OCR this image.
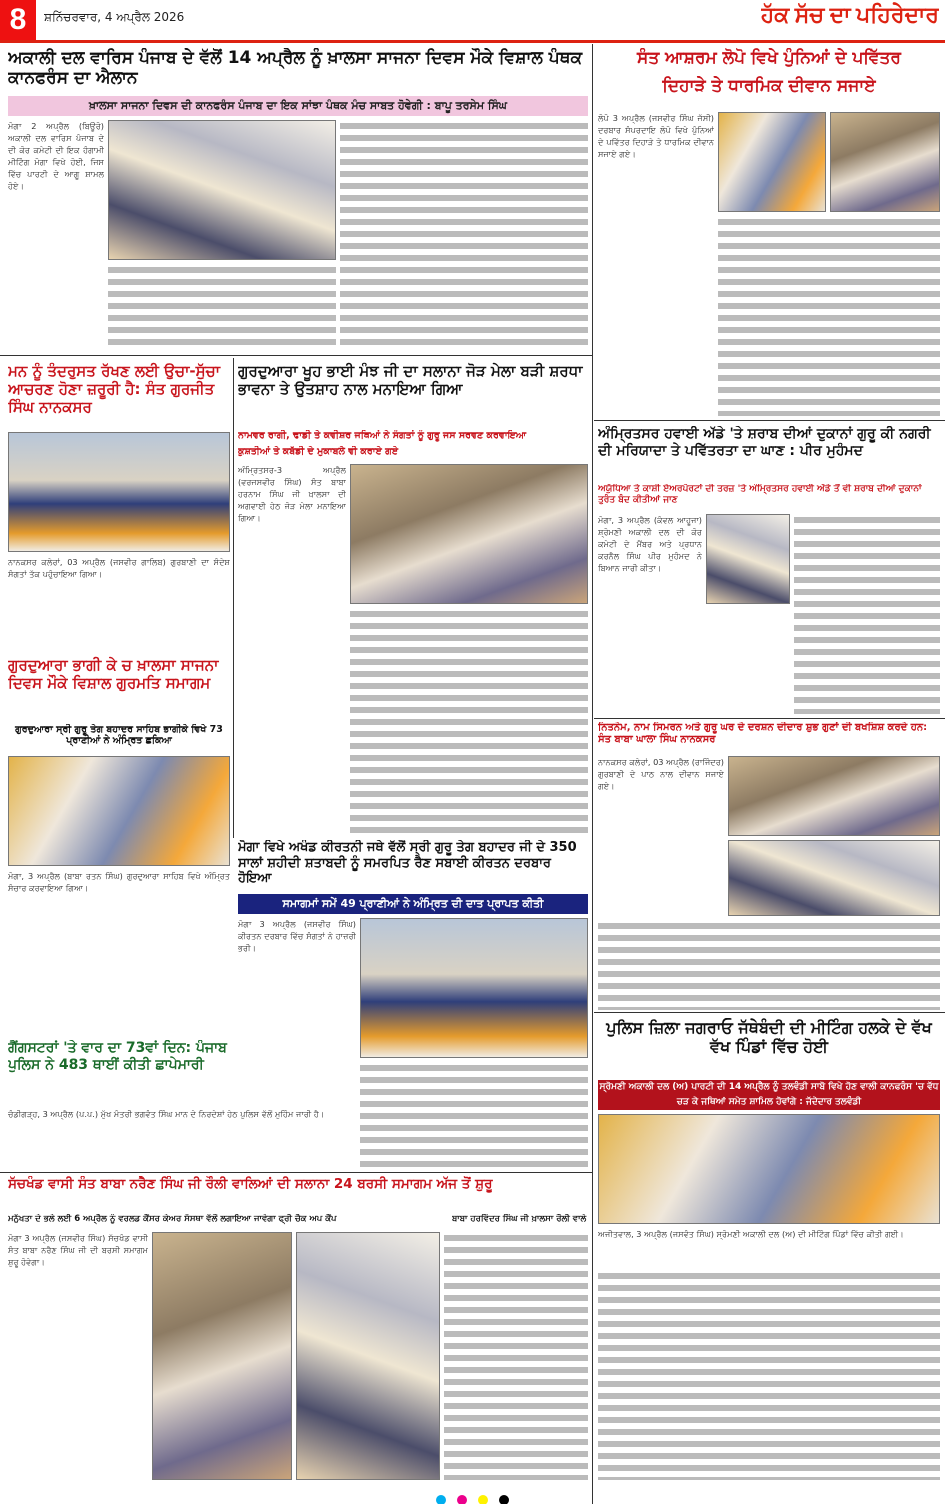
8	ਸ਼ਨਿੱਚਰਵਾਰ, 4 ਅਪ੍ਰੈਲ 2026	ਹੱਕ ਸੱਚ ਦਾ ਪਹਿਰੇਦਾਰ
ਅਕਾਲੀ ਦਲ ਵਾਰਿਸ ਪੰਜਾਬ ਦੇ ਵੱਲੋਂ 14 ਅਪ੍ਰੈਲ ਨੂੰ ਖ਼ਾਲਸਾ ਸਾਜਨਾ ਦਿਵਸ ਮੌਕੇ ਵਿਸ਼ਾਲ ਪੰਥਕ ਕਾਨਫਰੰਸ ਦਾ ਐਲਾਨ
ਖ਼ਾਲਸਾ ਸਾਜਨਾ ਦਿਵਸ ਦੀ ਕਾਨਫਰੰਸ ਪੰਜਾਬ ਦਾ ਇਕ ਸਾਂਝਾ ਪੰਥਕ ਮੰਚ ਸਾਬਤ ਹੋਵੇਗੀ : ਬਾਪੂ ਤਰਸੇਮ ਸਿੰਘ

ਮੋਗਾ 2 ਅਪ੍ਰੈਲ (ਬਿਊਰੋ) ਅਕਾਲੀ ਦਲ ਵਾਰਿਸ ਪੰਜਾਬ ਦੇ ਦੀ ਕੋਰ ਕਮੇਟੀ ਦੀ ਇਕ ਹੰਗਾਮੀ ਮੀਟਿੰਗ ਮੋਗਾ ਵਿਖੇ ਹੋਈ, ਜਿਸ ਵਿੱਚ ਪਾਰਟੀ ਦੇ ਆਗੂ ਸ਼ਾਮਲ ਹੋਏ।

ਸੰਤ ਆਸ਼ਰਮ ਲੋਪੋ ਵਿਖੇ ਪੁੰਨਿਆਂ ਦੇ ਪਵਿੱਤਰ
ਦਿਹਾੜੇ ਤੇ ਧਾਰਮਿਕ ਦੀਵਾਨ ਸਜਾਏ

ਲੋਪੋ 3 ਅਪ੍ਰੈਲ (ਜਸਵੀਰ ਸਿੰਘ ਜੱਸੀ) ਦਰਬਾਰ ਸੰਪਰਦਾਇ ਲੋਪੋ ਵਿਖੇ ਪੁੰਨਿਆਂ ਦੇ ਪਵਿੱਤਰ ਦਿਹਾੜੇ ਤੇ ਧਾਰਮਿਕ ਦੀਵਾਨ ਸਜਾਏ ਗਏ।

ਮਨ ਨੂੰ ਤੰਦਰੁਸਤ ਰੱਖਣ ਲਈ ਉਚਾ-ਸੁੱਚਾ ਆਚਰਣ ਹੋਣਾ ਜ਼ਰੂਰੀ ਹੈ: ਸੰਤ ਗੁਰਜੀਤ ਸਿੰਘ ਨਾਨਕਸਰ

ਨਾਨਕਸਰ ਕਲੇਰਾਂ, 03 ਅਪ੍ਰੈਲ (ਜਸਵੀਰ ਗਾਲਿਬ) ਗੁਰਬਾਣੀ ਦਾ ਸੰਦੇਸ਼ ਸੰਗਤਾਂ ਤੱਕ ਪਹੁੰਚਾਇਆ ਗਿਆ।

ਗੁਰਦੁਆਰਾ ਖੂਹ ਭਾਈ ਮੰਝ ਜੀ ਦਾ ਸਲਾਨਾ ਜੋੜ ਮੇਲਾ ਬੜੀ ਸ਼ਰਧਾ ਭਾਵਨਾ ਤੇ ਉਤਸ਼ਾਹ ਨਾਲ ਮਨਾਇਆ ਗਿਆ
ਨਾਮਵਰ ਰਾਗੀ, ਢਾਡੀ ਤੇ ਕਵੀਸ਼ਰ ਜਥਿਆਂ ਨੇ ਸੰਗਤਾਂ ਨੂੰ ਗੁਰੂ ਜਸ ਸਰਵਣ ਕਰਵਾਇਆ
ਕੁਸ਼ਤੀਆਂ ਤੇ ਕਬੱਡੀ ਦੇ ਮੁਕਾਬਲੇ ਵੀ ਕਰਾਏ ਗਏ

ਅੰਮ੍ਰਿਤਸਰ-3 ਅਪ੍ਰੈਲ (ਵਰਜਸਵੀਰ ਸਿੰਘ) ਸੰਤ ਬਾਬਾ ਹਰਨਾਮ ਸਿੰਘ ਜੀ ਖ਼ਾਲਸਾ ਦੀ ਅਗਵਾਈ ਹੇਠ ਜੋੜ ਮੇਲਾ ਮਨਾਇਆ ਗਿਆ।

ਅੰਮ੍ਰਿਤਸਰ ਹਵਾਈ ਅੱਡੇ 'ਤੇ ਸ਼ਰਾਬ ਦੀਆਂ ਦੁਕਾਨਾਂ ਗੁਰੂ ਕੀ ਨਗਰੀ ਦੀ ਮਰਿਯਾਦਾ ਤੇ ਪਵਿੱਤਰਤਾ ਦਾ ਘਾਣ : ਪੀਰ ਮੁਹੰਮਦ
ਅਯੁੱਧਿਆ ਤੇ ਕਾਸ਼ੀ ਏਅਰਪੋਰਟਾਂ ਦੀ ਤਰਜ਼ 'ਤੇ ਅੰਮ੍ਰਿਤਸਰ ਹਵਾਈ ਅੱਡੇ ਤੋਂ ਵੀ ਸ਼ਰਾਬ ਦੀਆਂ ਦੁਕਾਨਾਂ ਤੁਰੰਤ ਬੰਦ ਕੀਤੀਆਂ ਜਾਣ

ਮੋਗਾ, 3 ਅਪ੍ਰੈਲ (ਕੰਵਲ ਆਹੂਜਾ) ਸ਼੍ਰੋਮਣੀ ਅਕਾਲੀ ਦਲ ਦੀ ਕੋਰ ਕਮੇਟੀ ਦੇ ਮੈਂਬਰ ਅਤੇ ਪ੍ਰਧਾਨ ਕਰਨੈਲ ਸਿੰਘ ਪੀਰ ਮੁਹੰਮਦ ਨੇ ਬਿਆਨ ਜਾਰੀ ਕੀਤਾ।

ਗੁਰਦੁਆਰਾ ਭਾਗੀ ਕੇ ਚ ਖ਼ਾਲਸਾ ਸਾਜਨਾ ਦਿਵਸ ਮੌਕੇ ਵਿਸ਼ਾਲ ਗੁਰਮਤਿ ਸਮਾਗਮ
ਗੁਰਦੁਆਰਾ ਸ੍ਰੀ ਗੁਰੂ ਤੇਗ ਬਹਾਦਰ ਸਾਹਿਬ ਭਾਗੀਕੇ ਵਿਖੇ 73 ਪ੍ਰਾਣੀਆਂ ਨੇ ਅੰਮ੍ਰਿਤ ਛਕਿਆ

ਮੋਗਾ, 3 ਅਪ੍ਰੈਲ (ਬਾਬਾ ਰਤਨ ਸਿੰਘ) ਗੁਰਦੁਆਰਾ ਸਾਹਿਬ ਵਿਖੇ ਅੰਮ੍ਰਿਤ ਸੰਚਾਰ ਕਰਵਾਇਆ ਗਿਆ।

ਮੋਗਾ ਵਿਖੇ ਅਖੰਡ ਕੀਰਤਨੀ ਜਥੇ ਵੱਲੋਂ ਸ੍ਰੀ ਗੁਰੂ ਤੇਗ ਬਹਾਦਰ ਜੀ ਦੇ 350 ਸਾਲਾਂ ਸ਼ਹੀਦੀ ਸ਼ਤਾਬਦੀ ਨੂੰ ਸਮਰਪਿਤ ਰੈਣ ਸਬਾਈ ਕੀਰਤਨ ਦਰਬਾਰ ਹੋਇਆ
ਸਮਾਗਮਾਂ ਸਮੇਂ 49 ਪ੍ਰਾਣੀਆਂ ਨੇ ਅੰਮ੍ਰਿਤ ਦੀ ਦਾਤ ਪ੍ਰਾਪਤ ਕੀਤੀ

ਮੋਗਾ 3 ਅਪ੍ਰੈਲ (ਜਸਵੀਰ ਸਿੰਘ) ਕੀਰਤਨ ਦਰਬਾਰ ਵਿੱਚ ਸੰਗਤਾਂ ਨੇ ਹਾਜ਼ਰੀ ਭਰੀ।

ਨਿਤਨੇਮ, ਨਾਮ ਸਿਮਰਨ ਅਤੇ ਗੁਰੂ ਘਰ ਦੇ ਦਰਸ਼ਨ ਦੀਦਾਰ ਸ਼ੁਭ ਗੁਣਾਂ ਦੀ ਬਖਸ਼ਿਸ਼ ਕਰਦੇ ਹਨ: ਸੰਤ ਬਾਬਾ ਘਾਲਾ ਸਿੰਘ ਨਾਨਕਸਰ

ਨਾਨਕਸਰ ਕਲੇਰਾਂ, 03 ਅਪ੍ਰੈਲ (ਰਾਜਿੰਦਰ) ਗੁਰਬਾਣੀ ਦੇ ਪਾਠ ਨਾਲ ਦੀਵਾਨ ਸਜਾਏ ਗਏ।

ਗੈਂਗਸਟਰਾਂ 'ਤੇ ਵਾਰ ਦਾ 73ਵਾਂ ਦਿਨ: ਪੰਜਾਬ ਪੁਲਿਸ ਨੇ 483 ਥਾਈਂ ਕੀਤੀ ਛਾਪੇਮਾਰੀ

ਚੰਡੀਗੜ੍ਹ, 3 ਅਪ੍ਰੈਲ (ਪ.ਪ.) ਮੁੱਖ ਮੰਤਰੀ ਭਗਵੰਤ ਸਿੰਘ ਮਾਨ ਦੇ ਨਿਰਦੇਸ਼ਾਂ ਹੇਠ ਪੁਲਿਸ ਵੱਲੋਂ ਮੁਹਿੰਮ ਜਾਰੀ ਹੈ।

ਪੁਲਿਸ ਜ਼ਿਲਾ ਜਗਰਾਓ ਜੱਥੇਬੰਦੀ ਦੀ ਮੀਟਿੰਗ ਹਲਕੇ ਦੇ ਵੱਖ ਵੱਖ ਪਿੰਡਾਂ ਵਿੱਚ ਹੋਈ
ਸ੍ਰੋਮਣੀ ਅਕਾਲੀ ਦਲ (ਅ) ਪਾਰਟੀ ਦੀ 14 ਅਪ੍ਰੈਲ ਨੂੰ ਤਲਵੰਡੀ ਸਾਬੋ ਵਿਖੇ ਹੋਣ ਵਾਲੀ ਕਾਨਫਰੰਸ 'ਚ ਵੱਧ ਚੜ ਕੇ ਜਥਿਆਂ ਸਮੇਤ ਸ਼ਾਮਿਲ ਹੋਵਾਂਗੇ : ਜੱਦੇਦਾਰ ਤਲਵੰਡੀ

ਅਜੀਤਵਾਲ, 3 ਅਪ੍ਰੈਲ (ਜਸਵੰਤ ਸਿੰਘ) ਸ੍ਰੋਮਣੀ ਅਕਾਲੀ ਦਲ (ਅ) ਦੀ ਮੀਟਿੰਗ ਪਿੰਡਾਂ ਵਿੱਚ ਕੀਤੀ ਗਈ।

ਸੱਚਖੰਡ ਵਾਸੀ ਸੰਤ ਬਾਬਾ ਨਰੈਣ ਸਿੰਘ ਜੀ ਰੌਲੀ ਵਾਲਿਆਂ ਦੀ ਸਲਾਨਾ 24 ਬਰਸੀ ਸਮਾਗਮ ਅੱਜ ਤੋਂ ਸ਼ੁਰੂ
ਮਨੁੱਖਤਾ ਦੇ ਭਲੇ ਲਈ 6 ਅਪ੍ਰੈਲ ਨੂੰ ਵਰਲਡ ਕੈਂਸਰ ਕੇਅਰ ਸੰਸਥਾ ਵੱਲੋਂ ਲਗਾਇਆ ਜਾਵੇਗਾ ਫ੍ਰੀ ਚੈਕ ਅਪ ਕੈਂਪ	ਬਾਬਾ ਹਰਵਿੰਦਰ ਸਿੰਘ ਜੀ ਖ਼ਾਲਸਾ ਰੌਲੀ ਵਾਲੇ

ਮੋਗਾ 3 ਅਪ੍ਰੈਲ (ਜਸਵੀਰ ਸਿੰਘ) ਸੱਚਖੰਡ ਵਾਸੀ ਸੰਤ ਬਾਬਾ ਨਰੈਣ ਸਿੰਘ ਜੀ ਦੀ ਬਰਸੀ ਸਮਾਗਮ ਸ਼ੁਰੂ ਹੋਵੇਗਾ।
